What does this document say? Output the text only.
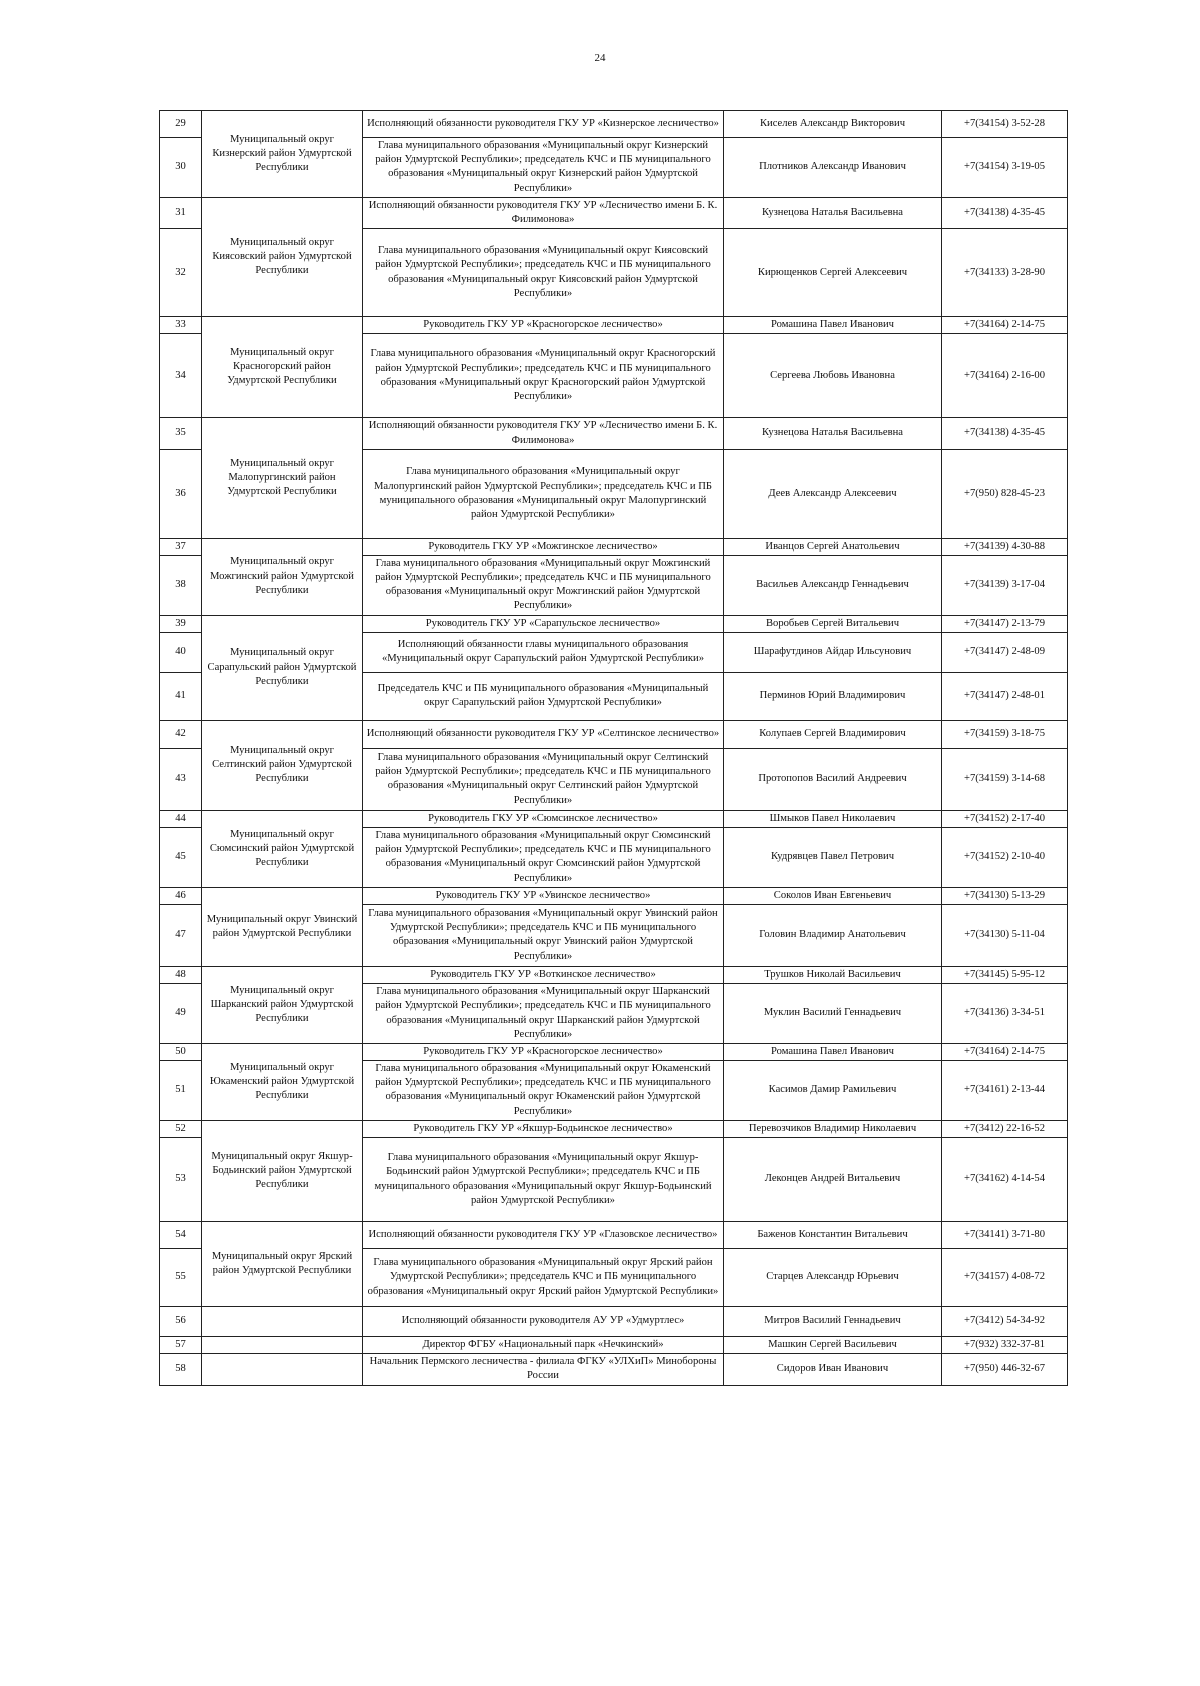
24
29	Муниципальный округ Кизнерский район Удмуртской Республики	Исполняющий обязанности руководителя ГКУ УР «Кизнерское лесничество»	Киселев Александр Викторович	+7(34154) 3-52-28
30		Глава муниципального образования «Муниципальный округ Кизнерский район Удмуртской Республики»; председатель КЧС и ПБ муниципального образования «Муниципальный округ Кизнерский район Удмуртской Республики»	Плотников Александр Иванович	+7(34154) 3-19-05
31	Муниципальный округ Киясовский район Удмуртской Республики	Исполняющий обязанности руководителя ГКУ УР «Лесничество имени Б. К. Филимонова»	Кузнецова Наталья Васильевна	+7(34138) 4-35-45
32		Глава муниципального образования «Муниципальный округ Киясовский район Удмуртской Республики»; председатель КЧС и ПБ муниципального образования «Муниципальный округ Киясовский район Удмуртской Республики»	Кирющенков Сергей Алексеевич	+7(34133) 3-28-90
33	Муниципальный округ Красногорский район Удмуртской Республики	Руководитель ГКУ УР «Красногорское лесничество»	Ромашина Павел Иванович	+7(34164) 2-14-75
34		Глава муниципального образования «Муниципальный округ Красногорский район Удмуртской Республики»; председатель КЧС и ПБ муниципального образования «Муниципальный округ Красногорский район Удмуртской Республики»	Сергеева Любовь Ивановна	+7(34164) 2-16-00
35	Муниципальный округ Малопургинский район Удмуртской Республики	Исполняющий обязанности руководителя ГКУ УР «Лесничество имени Б. К. Филимонова»	Кузнецова Наталья Васильевна	+7(34138) 4-35-45
36		Глава муниципального образования «Муниципальный округ Малопургинский район Удмуртской Республики»; председатель КЧС и ПБ муниципального образования «Муниципальный округ Малопургинский район Удмуртской Республики»	Деев Александр Алексеевич	+7(950) 828-45-23
37	Муниципальный округ Можгинский район Удмуртской Республики	Руководитель ГКУ УР «Можгинское лесничество»	Иванцов Сергей Анатольевич	+7(34139) 4-30-88
38		Глава муниципального образования «Муниципальный округ Можгинский район Удмуртской Республики»; председатель КЧС и ПБ муниципального образования «Муниципальный округ Можгинский район Удмуртской Республики»	Васильев Александр Геннадьевич	+7(34139) 3-17-04
39	Муниципальный округ Сарапульский район Удмуртской Республики	Руководитель ГКУ УР «Сарапульское лесничество»	Воробьев Сергей Витальевич	+7(34147) 2-13-79
40		Исполняющий обязанности главы муниципального образования «Муниципальный округ Сарапульский район Удмуртской Республики»	Шарафутдинов Айдар Ильсунович	+7(34147) 2-48-09
41		Председатель КЧС и ПБ муниципального образования «Муниципальный округ Сарапульский район Удмуртской Республики»	Перминов Юрий Владимирович	+7(34147) 2-48-01
42	Муниципальный округ Селтинский район Удмуртской Республики	Исполняющий обязанности руководителя ГКУ УР «Селтинское лесничество»	Колупаев Сергей Владимирович	+7(34159) 3-18-75
43		Глава муниципального образования «Муниципальный округ Селтинский район Удмуртской Республики»; председатель КЧС и ПБ муниципального образования «Муниципальный округ Селтинский район Удмуртской Республики»	Протопопов Василий Андреевич	+7(34159) 3-14-68
44	Муниципальный округ Сюмсинский район Удмуртской Республики	Руководитель ГКУ УР «Сюмсинское лесничество»	Шмыков Павел Николаевич	+7(34152) 2-17-40
45		Глава муниципального образования «Муниципальный округ Сюмсинский район Удмуртской Республики»; председатель КЧС и ПБ муниципального образования «Муниципальный округ Сюмсинский район Удмуртской Республики»	Кудрявцев Павел Петрович	+7(34152) 2-10-40
46	Муниципальный округ Увинский район Удмуртской Республики	Руководитель ГКУ УР «Увинское лесничество»	Соколов Иван Евгеньевич	+7(34130) 5-13-29
47		Глава муниципального образования «Муниципальный округ Увинский район Удмуртской Республики»; председатель КЧС и ПБ муниципального образования «Муниципальный округ Увинский район Удмуртской Республики»	Головин Владимир Анатольевич	+7(34130) 5-11-04
48	Муниципальный округ Шарканский район Удмуртской Республики	Руководитель ГКУ УР «Воткинское лесничество»	Трушков Николай Васильевич	+7(34145) 5-95-12
49		Глава муниципального образования «Муниципальный округ Шарканский район Удмуртской Республики»; председатель КЧС и ПБ муниципального образования «Муниципальный округ Шарканский район Удмуртской Республики»	Муклин Василий Геннадьевич	+7(34136) 3-34-51
50	Муниципальный округ Юкаменский район Удмуртской Республики	Руководитель ГКУ УР «Красногорское лесничество»	Ромашина Павел Иванович	+7(34164) 2-14-75
51		Глава муниципального образования «Муниципальный округ Юкаменский район Удмуртской Республики»; председатель КЧС и ПБ муниципального образования «Муниципальный округ Юкаменский район Удмуртской Республики»	Касимов Дамир Рамильевич	+7(34161) 2-13-44
52	Муниципальный округ Якшур-Бодьинский район Удмуртской Республики	Руководитель ГКУ УР «Якшур-Бодьинское лесничество»	Перевозчиков Владимир Николаевич	+7(3412) 22-16-52
53		Глава муниципального образования «Муниципальный округ Якшур-Бодьинский район Удмуртской Республики»; председатель КЧС и ПБ муниципального образования «Муниципальный округ Якшур-Бодьинский район Удмуртской Республики»	Леконцев Андрей Витальевич	+7(34162) 4-14-54
54	Муниципальный округ Ярский район Удмуртской Республики	Исполняющий обязанности руководителя ГКУ УР «Глазовское лесничество»	Баженов Константин Витальевич	+7(34141) 3-71-80
55		Глава муниципального образования «Муниципальный округ Ярский район Удмуртской Республики»; председатель КЧС и ПБ муниципального образования «Муниципальный округ Ярский район Удмуртской Республики»	Старцев Александр Юрьевич	+7(34157) 4-08-72
56		Исполняющий обязанности руководителя АУ УР «Удмуртлес»	Митров Василий Геннадьевич	+7(3412) 54-34-92
57		Директор ФГБУ «Национальный парк «Нечкинский»	Машкин Сергей Васильевич	+7(932) 332-37-81
58		Начальник Пермского лесничества - филиала ФГКУ «УЛХиП» Минобороны России	Сидоров Иван Иванович	+7(950) 446-32-67
